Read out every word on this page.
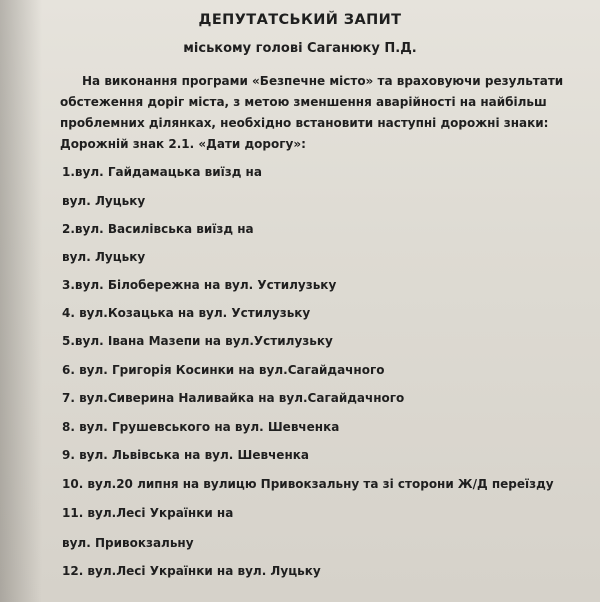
ДЕПУТАТСЬКИЙ ЗАПИТ
міському голові Саганюку П.Д.
На виконання програми «Безпечне місто» та враховуючи результати
обстеження доріг міста, з метою зменшення аварійності на найбільш
проблемних ділянках, необхідно встановити наступні дорожні знаки:
Дорожній знак 2.1. «Дати дорогу»:
1.вул. Гайдамацька виїзд на
вул. Луцьку
2.вул. Василівська виїзд на
вул. Луцьку
3.вул. Білобережна на вул. Устилузьку
4. вул.Козацька на вул. Устилузьку
5.вул. Івана Мазепи на вул.Устилузьку
6. вул. Григорія Косинки на вул.Сагайдачного
7. вул.Сиверина Наливайка на вул.Сагайдачного
8. вул. Грушевського на вул. Шевченка
9. вул. Львівська на вул. Шевченка
10. вул.20 липня на вулицю Привокзальну та зі сторони Ж/Д переїзду
11. вул.Лесі Українки на
вул. Привокзальну
12. вул.Лесі Українки на вул. Луцьку
